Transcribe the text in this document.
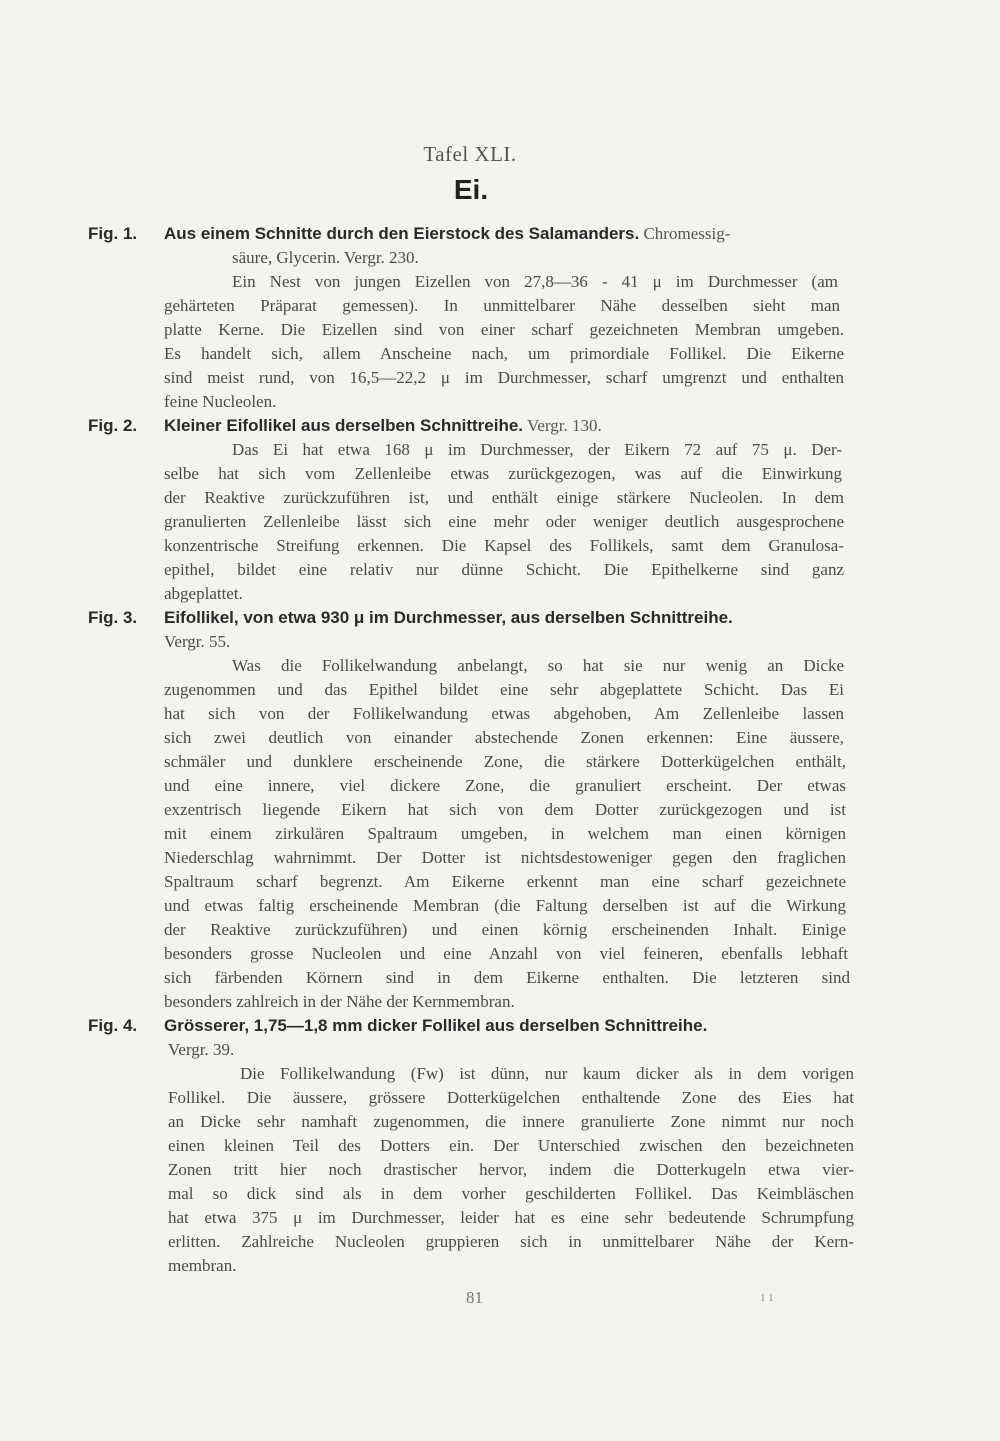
Tafel XLI.
Ei.
Fig. 1. Aus einem Schnitte durch den Eierstock des Salamanders. Chromessig-
säure, Glycerin. Vergr. 230.
Ein Nest von jungen Eizellen von 27,8—36 - 41 μ im Durchmesser (am
gehärteten Präparat gemessen). In unmittelbarer Nähe desselben sieht man
platte Kerne. Die Eizellen sind von einer scharf gezeichneten Membran umgeben.
Es handelt sich, allem Anscheine nach, um primordiale Follikel. Die Eikerne
sind meist rund, von 16,5—22,2 μ im Durchmesser, scharf umgrenzt und enthalten
feine Nucleolen.
Fig. 2. Kleiner Eifollikel aus derselben Schnittreihe. Vergr. 130.
Das Ei hat etwa 168 μ im Durchmesser, der Eikern 72 auf 75 μ. Der-
selbe hat sich vom Zellenleibe etwas zurückgezogen, was auf die Einwirkung
der Reaktive zurückzuführen ist, und enthält einige stärkere Nucleolen. In dem
granulierten Zellenleibe lässt sich eine mehr oder weniger deutlich ausgesprochene
konzentrische Streifung erkennen. Die Kapsel des Follikels, samt dem Granulosa-
epithel, bildet eine relativ nur dünne Schicht. Die Epithelkerne sind ganz
abgeplattet.
Fig. 3. Eifollikel, von etwa 930 μ im Durchmesser, aus derselben Schnittreihe.
Vergr. 55.
Was die Follikelwandung anbelangt, so hat sie nur wenig an Dicke
zugenommen und das Epithel bildet eine sehr abgeplattete Schicht. Das Ei
hat sich von der Follikelwandung etwas abgehoben, Am Zellenleibe lassen
sich zwei deutlich von einander abstechende Zonen erkennen: Eine äussere,
schmäler und dunklere erscheinende Zone, die stärkere Dotterkügelchen enthält,
und eine innere, viel dickere Zone, die granuliert erscheint. Der etwas
exzentrisch liegende Eikern hat sich von dem Dotter zurückgezogen und ist
mit einem zirkulären Spaltraum umgeben, in welchem man einen körnigen
Niederschlag wahrnimmt. Der Dotter ist nichtsdestoweniger gegen den fraglichen
Spaltraum scharf begrenzt. Am Eikerne erkennt man eine scharf gezeichnete
und etwas faltig erscheinende Membran (die Faltung derselben ist auf die Wirkung
der Reaktive zurückzuführen) und einen körnig erscheinenden Inhalt. Einige
besonders grosse Nucleolen und eine Anzahl von viel feineren, ebenfalls lebhaft
sich färbenden Körnern sind in dem Eikerne enthalten. Die letzteren sind
besonders zahlreich in der Nähe der Kernmembran.
Fig. 4. Grösserer, 1,75—1,8 mm dicker Follikel aus derselben Schnittreihe.
Vergr. 39.
Die Follikelwandung (Fw) ist dünn, nur kaum dicker als in dem vorigen
Follikel. Die äussere, grössere Dotterkügelchen enthaltende Zone des Eies hat
an Dicke sehr namhaft zugenommen, die innere granulierte Zone nimmt nur noch
einen kleinen Teil des Dotters ein. Der Unterschied zwischen den bezeichneten
Zonen tritt hier noch drastischer hervor, indem die Dotterkugeln etwa vier-
mal so dick sind als in dem vorher geschilderten Follikel. Das Keimbläschen
hat etwa 375 μ im Durchmesser, leider hat es eine sehr bedeutende Schrumpfung
erlitten. Zahlreiche Nucleolen gruppieren sich in unmittelbarer Nähe der Kern-
membran.
81	11
